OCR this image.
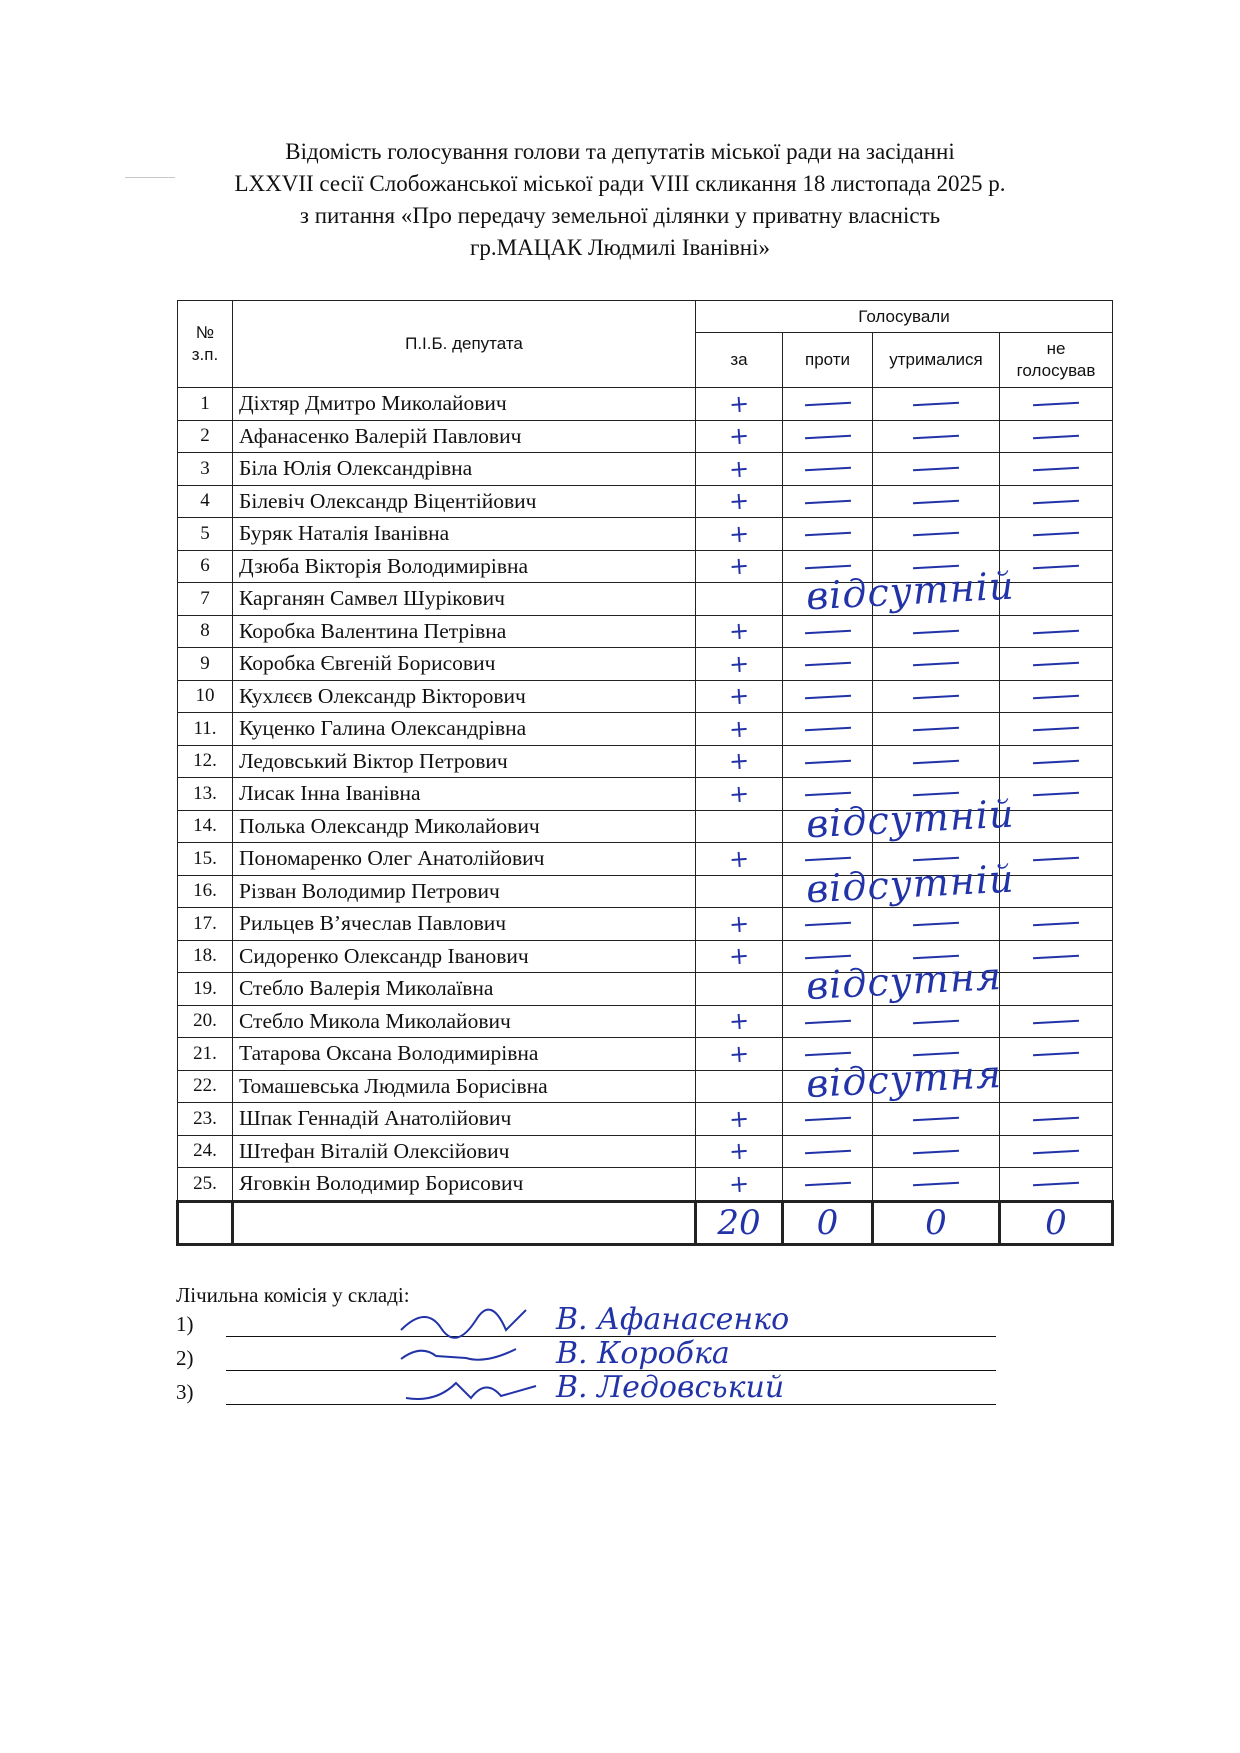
Відомість голосування голови та депутатів міської ради на засіданні
LXXVII сесії Слобожанської міської ради VIII скликання 18 листопада 2025 р.
з питання «Про передачу земельної ділянки у приватну власність
гр.МАЦАК Людмилі Іванівні»
№ з.п.	П.І.Б. депутата	Голосували			
		за	проти	утрималися	не голосував
1	Діхтяр Дмитро Миколайович	+			
2	Афанасенко Валерій Павлович	+			
3	Біла Юлія Олександрівна	+			
4	Білевіч Олександр Віцентійович	+			
5	Буряк Наталія Іванівна	+			
6	Дзюба Вікторія Володимирівна	+			
7	Карганян Самвел Шурікович	відсутній			

8	Коробка Валентина Петрівна	+			
9	Коробка Євгеній Борисович	+			
10	Кухлєєв Олександр Вікторович	+			
11.	Куценко Галина Олександрівна	+			
12.	Ледовський Віктор Петрович	+			
13.	Лисак Інна Іванівна	+			
14.	Полька Олександр Миколайович	відсутній			

15.	Пономаренко Олег Анатолійович	+			
16.	Різван Володимир Петрович	відсутній			

17.	Рильцев В’ячеслав Павлович	+			
18.	Сидоренко Олександр Іванович	+			
19.	Стебло Валерія Миколаївна	відсутня			

20.	Стебло Микола Миколайович	+			
21.	Татарова Оксана Володимирівна	+			
22.	Томашевська Людмила Борисівна	відсутня			

23.	Шпак Геннадій Анатолійович	+			
24.	Штефан Віталій Олексійович	+			
25.	Яговкін Володимир Борисович	+			
		20	0	0	0
Лічильна комісія у складі:
1)	В. Афанасенко
2)	В. Коробка
3)	В. Ледовський
